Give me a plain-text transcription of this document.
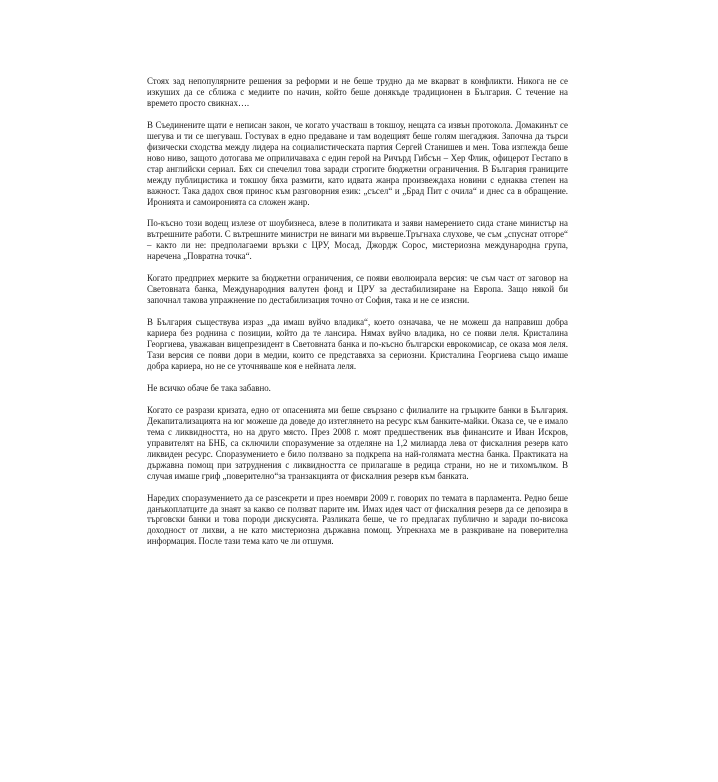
Стоях зад непопулярните решения за реформи и не беше трудно да ме вкарват в конфликти. Никога не се изкуших да се сближа с медиите по начин, който беше донякъде традиционен в България. С течение на времето просто свикнах….

В Съединените щати е неписан закон, че когато участваш в токшоу, нещата са извън протокола. Домакинът се шегува и ти се шегуваш. Гостувах в едно предаване и там водещият беше голям шегаджия. Започна да търси физически сходства между лидера на социалистическата партия Сергей Станишев и мен. Това изглежда беше ново ниво, защото дотогава ме оприличаваха с един герой на Ричърд Гибсън – Хер Флик, офицерот Гестапо в стар английски сериал. Бях си спечелил това заради строгите бюджетни ограничения. В България границите между публицистика и токшоу бяха размити, като идвата жанра произвеждаха новини с еднаква степен на важност. Така дадох своя принос към разговорния език: „съсел“ и „Брад Пит с очила“ и днес са в обращение. Иронията и самоиронията са сложен жанр.

По-късно този водещ излезе от шоубизнеса, влезе в политиката и заяви намерението сида стане министър на вътрешните работи. С вътрешните министри не винаги ми вървеше.Тръгнаха слухове, че съм „спуснат отгоре“ – както ли не: предполагаеми връзки с ЦРУ, Мосад, Джордж Сорос, мистериозна международна група, наречена „Повратна точка“.

Когато предприех мерките за бюджетни ограничения, се появи еволюирала версия: че съм част от заговор на Световната банка, Международния валутен фонд и ЦРУ за дестабилизиране на Европа. Защо някой би започнал такова упражнение по дестабилизация точно от София, така и не се изясни.

В България съществува израз „да имаш вуйчо владика“, което означава, че не можеш да направиш добра кариера без роднина с позиции, който да те лансира. Нямах вуйчо владика, но се появи леля. Кристалина Георгиева, уважаван вицепрезидент в Световната банка и по-късно български еврокомисар, се оказа моя леля. Тази версия се появи дори в медии, които се представяха за сериозни. Кристалина Георгиева също имаше добра кариера, но не се уточняваше коя е нейната леля.

Не всичко обаче бе така забавно.

Когато се разрази кризата, едно от опасенията ми беше свързано с филиалите на гръцките банки в България. Декапитализацията на юг можеше да доведе до изтеглянето на ресурс към банките-майки. Оказа се, че е имало тема с ликвидността, но на друго място. През 2008 г. моят предшественик във финансите и Иван Искров, управителят на БНБ, са сключили споразумение за отделяне на 1,2 милиарда лева от фискалния резерв като ликвиден ресурс. Споразумението е било ползвано за подкрепа на най-голямата местна банка. Практиката на държавна помощ при затруднения с ликвидността се прилагаше в редица страни, но не и тихомълком. В случая имаше гриф „поверително“за транзакцията от фискалния резерв към банката.

Наредих споразумението да се разсекрети и през ноември 2009 г. говорих по темата в парламента. Редно беше данъкоплатците да знаят за какво се ползват парите им. Имах идея част от фискалния резерв да се депозира в търговски банки и това породи дискусията. Разликата беше, че го предлагах публично и заради по-висока доходност от лихви, а не като мистериозна държавна помощ. Упрекнаха ме в разкриване на поверителна информация. После тази тема като че ли отшумя.
